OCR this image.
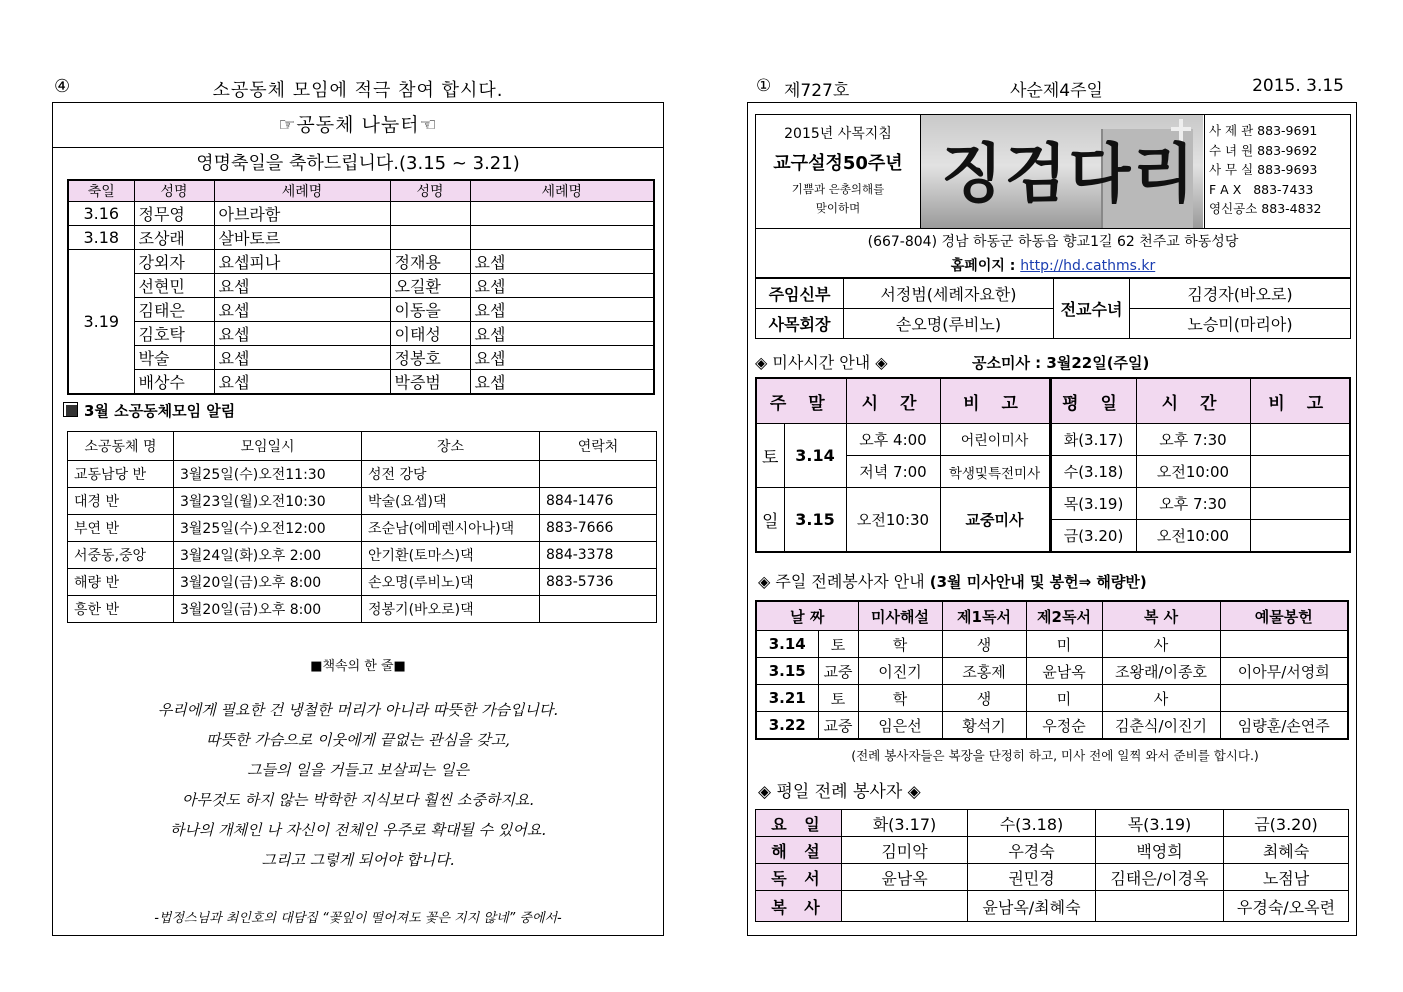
④	소공동체 모임에 적극 참여 합시다.
☞공동체 나눔터☜
영명축일을 축하드립니다.(3.15 ~ 3.21)
축일	성명	세례명	성명	세례명
3.16	정무영	아브라함		
3.18	조상래	살바토르		
3.19	강외자	요셉피나	정재용	요셉
	선현민	요셉	오길환	요셉
	김태은	요셉	이동을	요셉
	김호탁	요셉	이태성	요셉
	박술	요셉	정봉호	요셉
	배상수	요셉	박증범	요셉
3월 소공동체모임 알림
소공동체 명	모임일시	장소	연락처
교동남당 반	3월25일(수)오전11:30	성전 강당	
대경 반	3월23일(월)오전10:30	박술(요셉)댁	884-1476
부연 반	3월25일(수)오전12:00	조순남(에메렌시아나)댁	883-7666
서중동,중앙	3월24일(화)오후 2:00	안기환(토마스)댁	884-3378
해량 반	3월20일(금)오후 8:00	손오명(루비노)댁	883-5736
흥한 반	3월20일(금)오후 8:00	정봉기(바오로)댁	
■책속의 한 줄■
우리에게 필요한 건 냉철한 머리가 아니라 따뜻한 가슴입니다.
따뜻한 가슴으로 이웃에게 끝없는 관심을 갖고,
그들의 일을 거들고 보살피는 일은
아무것도 하지 않는 박학한 지식보다 훨씬 소중하지요.
하나의 개체인 나 자신이 전체인 우주로 확대될 수 있어요.
그리고 그렇게 되어야 합니다.
-법정스님과 최인호의 대담집 “꽃잎이 떨어져도 꽃은 지지 않네” 중에서-
① 제727호	사순제4주일	2015. 3.15
2015년 사목지침
교구설정50주년
기쁨과 은총의해를
맞이하며	징검다리
사 제 관 883-9691
수 녀 원 883-9692
사 무 실 883-9693
F A X 883-7433
영신공소 883-4832
(667-804) 경남 하동군 하동읍 향교1길 62 천주교 하동성당
홈페이지 : http://hd.cathms.kr
주임신부	서정범(세례자요한)	전교수녀	김경자(바오로)
사목회장	손오명(루비노)		노승미(마리아)
◈ 미사시간 안내 ◈	공소미사 : 3월22일(주일)
주 말		시 간	비 고	평 일	시 간	비 고
토	3.14	오후 4:00	어린이미사	화(3.17)	오후 7:30	
		저녁 7:00	학생및특전미사	수(3.18)	오전10:00	
일	3.15	오전10:30	교중미사	목(3.19)	오후 7:30	
				금(3.20)	오전10:00	
◈ 주일 전례봉사자 안내 (3월 미사안내 및 봉헌⇒ 해량반)
날 짜		미사해설	제1독서	제2독서	복 사	예물봉헌
3.14	토	학	생	미	사	
3.15	교중	이진기	조홍제	윤남옥	조왕래/이종호	이아무/서영희
3.21	토	학	생	미	사	
3.22	교중	임은선	황석기	우정순	김춘식/이진기	임량훈/손연주
(전례 봉사자들은 복장을 단정히 하고, 미사 전에 일찍 와서 준비를 합시다.)
◈ 평일 전례 봉사자 ◈
요 일	화(3.17)	수(3.18)	목(3.19)	금(3.20)
해 설	김미악	우경숙	백영희	최혜숙
독 서	윤남옥	권민경	김태은/이경옥	노점남
복 사		윤남옥/최혜숙		우경숙/오옥련
